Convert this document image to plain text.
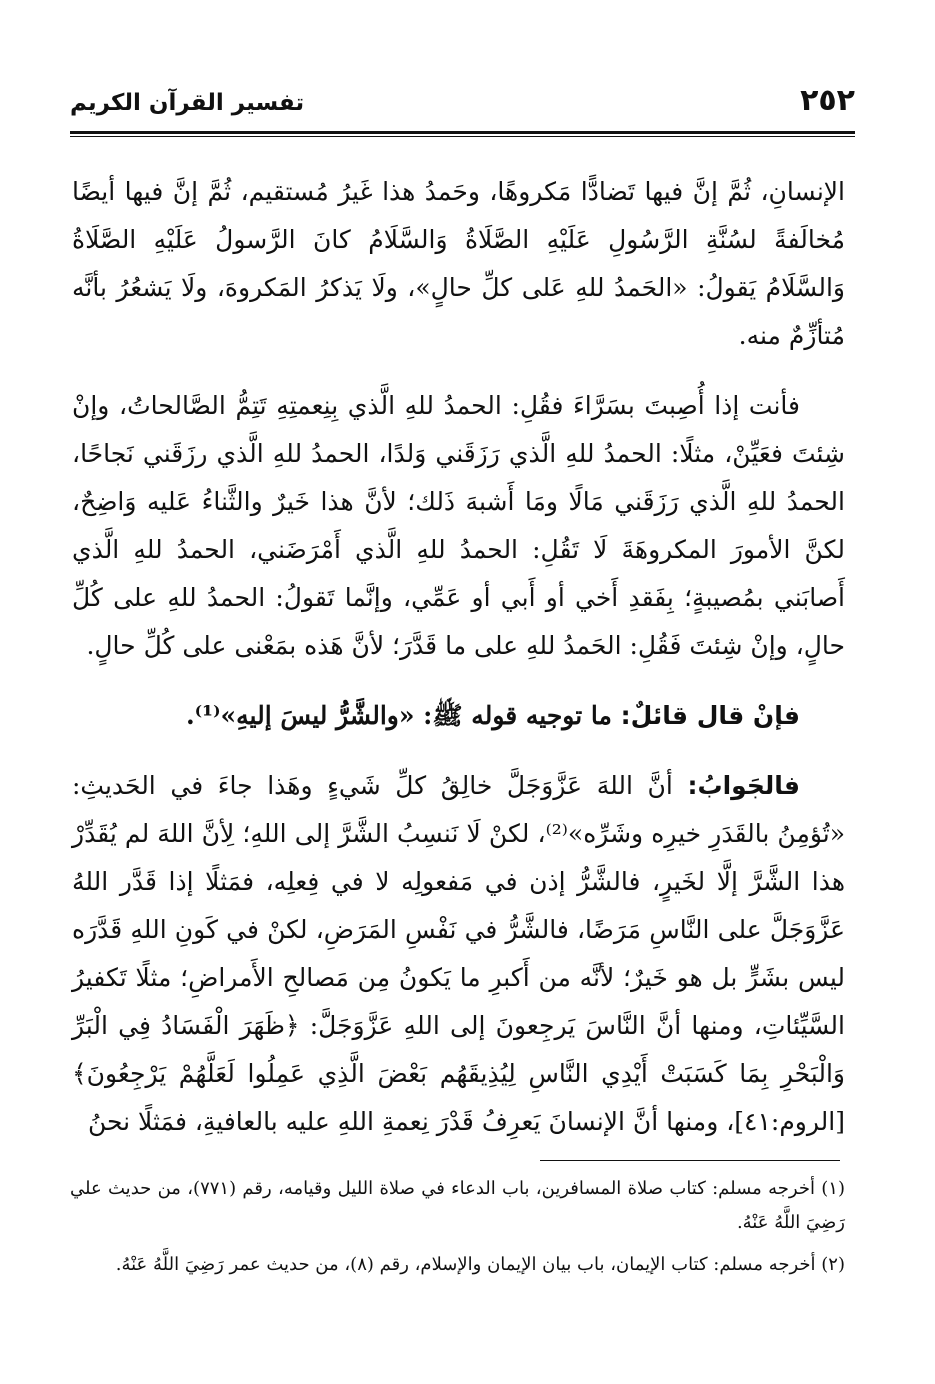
٢٥٢
تفسير القرآن الكريم

الإنسانِ، ثُمَّ إنَّ فيها تَضادًّا مَكروهًا، وحَمدُ هذا غَيرُ مُستقيم، ثُمَّ إنَّ فيها أيضًا مُخالَفةً لسُنَّةِ الرَّسُولِ عَلَيْهِ الصَّلَاةُ وَالسَّلَامُ كانَ الرَّسولُ عَلَيْهِ الصَّلَاةُ وَالسَّلَامُ يَقولُ: «الحَمدُ للهِ عَلى كلِّ حالٍ»، ولَا يَذكرُ المَكروهَ، ولَا يَشعُرُ بأنَّه مُتأزِّمٌ منه.

فأنت إذا أُصِبتَ بسَرَّاءَ فقُلِ: الحمدُ للهِ الَّذي بِنِعمتِهِ تَتِمُّ الصَّالحاتُ، وإنْ شِئتَ فعَيِّنْ، مثلًا: الحمدُ للهِ الَّذي رَزَقَني وَلدًا، الحمدُ للهِ الَّذي رزَقَني نَجاحًا، الحمدُ للهِ الَّذي رَزَقَني مَالًا ومَا أَشبهَ ذَلك؛ لأنَّ هذا خَيرٌ والثَّناءُ عَليه وَاضِحٌ، لكنَّ الأمورَ المكروهَةَ لَا تَقُلِ: الحمدُ للهِ الَّذي أَمْرَضَني، الحمدُ للهِ الَّذي أَصابَني بمُصيبةٍ؛ بِفَقدِ أَخي أو أَبي أو عَمِّي، وإنَّما تَقولُ: الحمدُ للهِ على كُلِّ حالٍ، وإنْ شِئتَ فَقُلِ: الحَمدُ للهِ على ما قَدَّرَ؛ لأنَّ هَذه بمَعْنى على كُلِّ حالٍ.

فإنْ قال قائلٌ: ما توجيه قوله ﷺ: «والشَّرُّ ليسَ إليهِ»⁽¹⁾.

فالجَوابُ: أنَّ اللهَ عَزَّوَجَلَّ خالِقُ كلِّ شَيءٍ وهَذا جاءَ في الحَديثِ: «تُؤمِنُ بالقَدَرِ خيرِه وشَرِّه»⁽²⁾، لكنْ لَا نَنسِبُ الشَّرَّ إلى اللهِ؛ لِأنَّ اللهَ لم يُقَدِّرْ هذا الشَّرَّ إلَّا لخَيرٍ، فالشَّرُّ إذن في مَفعولِه لا في فِعلِه، فمَثلًا إذا قَدَّر اللهُ عَزَّوَجَلَّ على النَّاسِ مَرَضًا، فالشَّرُّ في نَفْسِ المَرَضِ، لكنْ في كَونِ اللهِ قَدَّرَه ليس بشَرٍّ بل هو خَيرٌ؛ لأنَّه من أَكبرِ ما يَكونُ مِن مَصالحِ الأَمراضِ؛ مثلًا تَكفيرُ السَّيِّئاتِ، ومنها أنَّ النَّاسَ يَرجِعونَ إلى اللهِ عَزَّوَجَلَّ: ﴿ظَهَرَ الْفَسَادُ فِي الْبَرِّ وَالْبَحْرِ بِمَا كَسَبَتْ أَيْدِي النَّاسِ لِيُذِيقَهُم بَعْضَ الَّذِي عَمِلُوا لَعَلَّهُمْ يَرْجِعُونَ﴾ [الروم:٤١]، ومنها أنَّ الإنسانَ يَعرِفُ قَدْرَ نِعمةِ اللهِ عليه بالعافيةِ، فمَثلًا نحنُ

(١) أخرجه مسلم: كتاب صلاة المسافرين، باب الدعاء في صلاة الليل وقيامه، رقم (٧٧١)، من حديث علي رَضِيَ اللَّهُ عَنْهُ.

(٢) أخرجه مسلم: كتاب الإيمان، باب بيان الإيمان والإسلام، رقم (٨)، من حديث عمر رَضِيَ اللَّهُ عَنْهُ.
